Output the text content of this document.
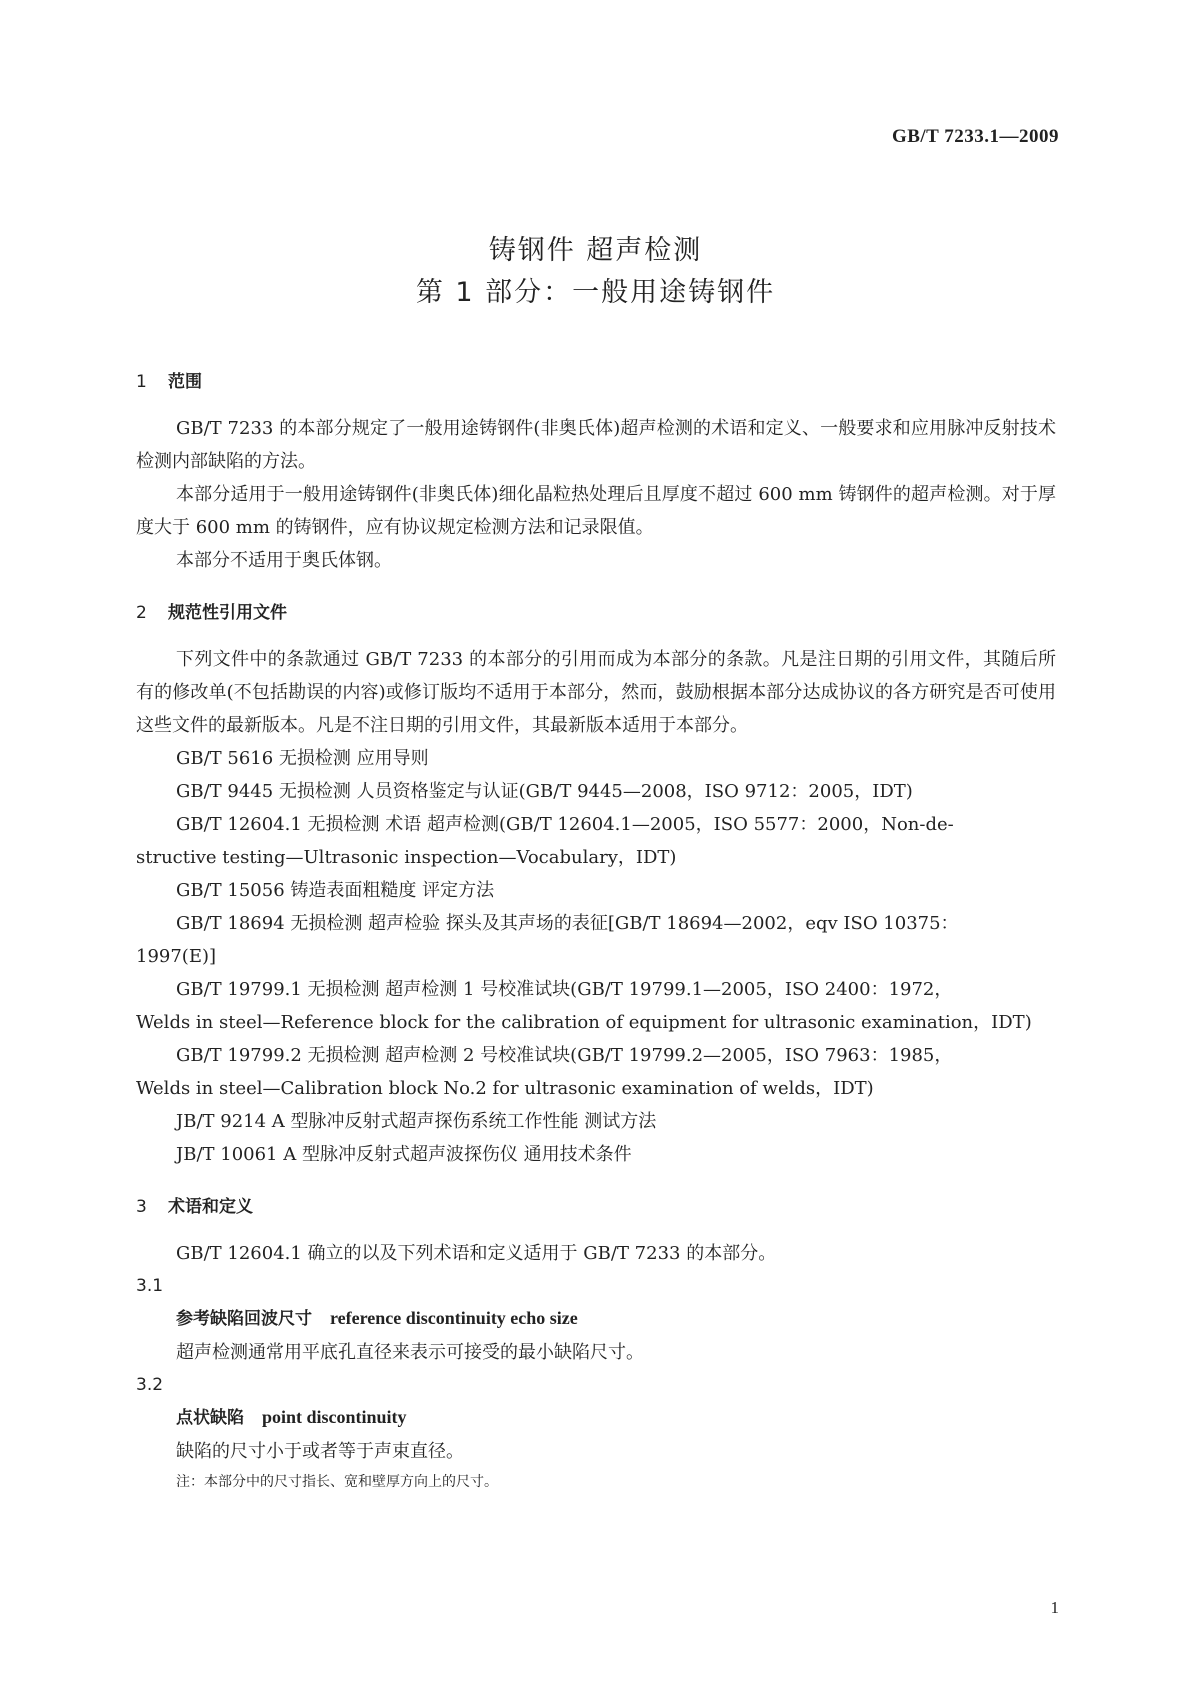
GB/T 7233.1—2009
铸钢件 超声检测
第 1 部分：一般用途铸钢件
1 范围
GB/T 7233 的本部分规定了一般用途铸钢件(非奥氏体)超声检测的术语和定义、一般要求和应用脉冲反射技术检测内部缺陷的方法。
本部分适用于一般用途铸钢件(非奥氏体)细化晶粒热处理后且厚度不超过 600 mm 铸钢件的超声检测。对于厚度大于 600 mm 的铸钢件，应有协议规定检测方法和记录限值。
本部分不适用于奥氏体钢。
2 规范性引用文件
下列文件中的条款通过 GB/T 7233 的本部分的引用而成为本部分的条款。凡是注日期的引用文件，其随后所有的修改单(不包括勘误的内容)或修订版均不适用于本部分，然而，鼓励根据本部分达成协议的各方研究是否可使用这些文件的最新版本。凡是不注日期的引用文件，其最新版本适用于本部分。
GB/T 5616 无损检测 应用导则
GB/T 9445 无损检测 人员资格鉴定与认证(GB/T 9445—2008，ISO 9712：2005，IDT)
GB/T 12604.1 无损检测 术语 超声检测(GB/T 12604.1—2005，ISO 5577：2000，Non-de-
structive testing—Ultrasonic inspection—Vocabulary，IDT)
GB/T 15056 铸造表面粗糙度 评定方法
GB/T 18694 无损检测 超声检验 探头及其声场的表征[GB/T 18694—2002，eqv ISO 10375：
1997(E)]
GB/T 19799.1 无损检测 超声检测 1 号校准试块(GB/T 19799.1—2005，ISO 2400：1972，
Welds in steel—Reference block for the calibration of equipment for ultrasonic examination，IDT)
GB/T 19799.2 无损检测 超声检测 2 号校准试块(GB/T 19799.2—2005，ISO 7963：1985，
Welds in steel—Calibration block No.2 for ultrasonic examination of welds，IDT)
JB/T 9214 A 型脉冲反射式超声探伤系统工作性能 测试方法
JB/T 10061 A 型脉冲反射式超声波探伤仪 通用技术条件
3 术语和定义
GB/T 12604.1 确立的以及下列术语和定义适用于 GB/T 7233 的本部分。
3.1
参考缺陷回波尺寸 reference discontinuity echo size
超声检测通常用平底孔直径来表示可接受的最小缺陷尺寸。
3.2
点状缺陷 point discontinuity
缺陷的尺寸小于或者等于声束直径。
注：本部分中的尺寸指长、宽和壁厚方向上的尺寸。
1
